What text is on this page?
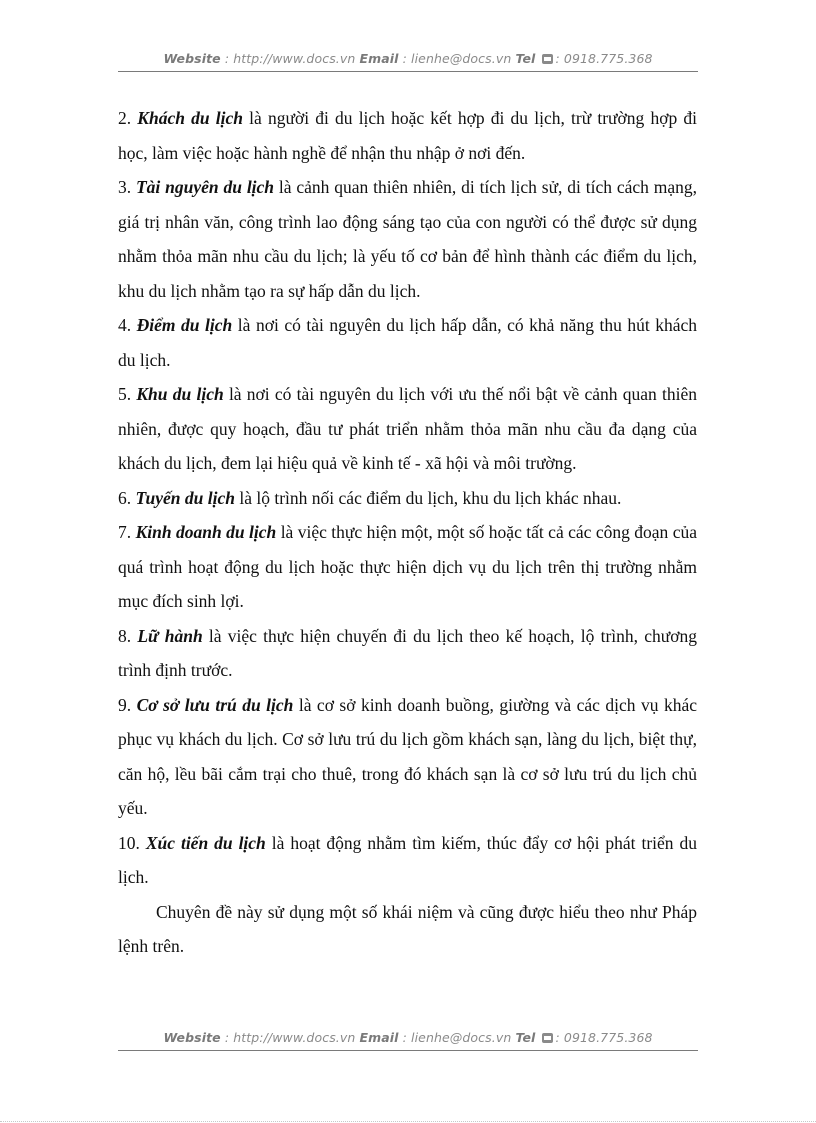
Website : http://www.docs.vn Email : lienhe@docs.vn Tel : 0918.775.368

2. Khách du lịch là người đi du lịch hoặc kết hợp đi du lịch, trừ trường hợp đi học, làm việc hoặc hành nghề để nhận thu nhập ở nơi đến.

3. Tài nguyên du lịch là cảnh quan thiên nhiên, di tích lịch sử, di tích cách mạng, giá trị nhân văn, công trình lao động sáng tạo của con người có thể được sử dụng nhằm thỏa mãn nhu cầu du lịch; là yếu tố cơ bản để hình thành các điểm du lịch, khu du lịch nhằm tạo ra sự hấp dẫn du lịch.

4. Điểm du lịch là nơi có tài nguyên du lịch hấp dẫn, có khả năng thu hút khách du lịch.

5. Khu du lịch là nơi có tài nguyên du lịch với ưu thế nổi bật về cảnh quan thiên nhiên, được quy hoạch, đầu tư phát triển nhằm thỏa mãn nhu cầu đa dạng của khách du lịch, đem lại hiệu quả về kinh tế - xã hội và môi trường.

6. Tuyến du lịch là lộ trình nối các điểm du lịch, khu du lịch khác nhau.

7. Kinh doanh du lịch là việc thực hiện một, một số hoặc tất cả các công đoạn của quá trình hoạt động du lịch hoặc thực hiện dịch vụ du lịch trên thị trường nhằm mục đích sinh lợi.

8. Lữ hành là việc thực hiện chuyến đi du lịch theo kế hoạch, lộ trình, chương trình định trước.

9. Cơ sở lưu trú du lịch là cơ sở kinh doanh buồng, giường và các dịch vụ khác phục vụ khách du lịch. Cơ sở lưu trú du lịch gồm khách sạn, làng du lịch, biệt thự, căn hộ, lều bãi cắm trại cho thuê, trong đó khách sạn là cơ sở lưu trú du lịch chủ yếu.

10. Xúc tiến du lịch là hoạt động nhằm tìm kiếm, thúc đẩy cơ hội phát triển du lịch.

Chuyên đề này sử dụng một số khái niệm và cũng được hiểu theo như Pháp lệnh trên.

Website : http://www.docs.vn Email : lienhe@docs.vn Tel : 0918.775.368
